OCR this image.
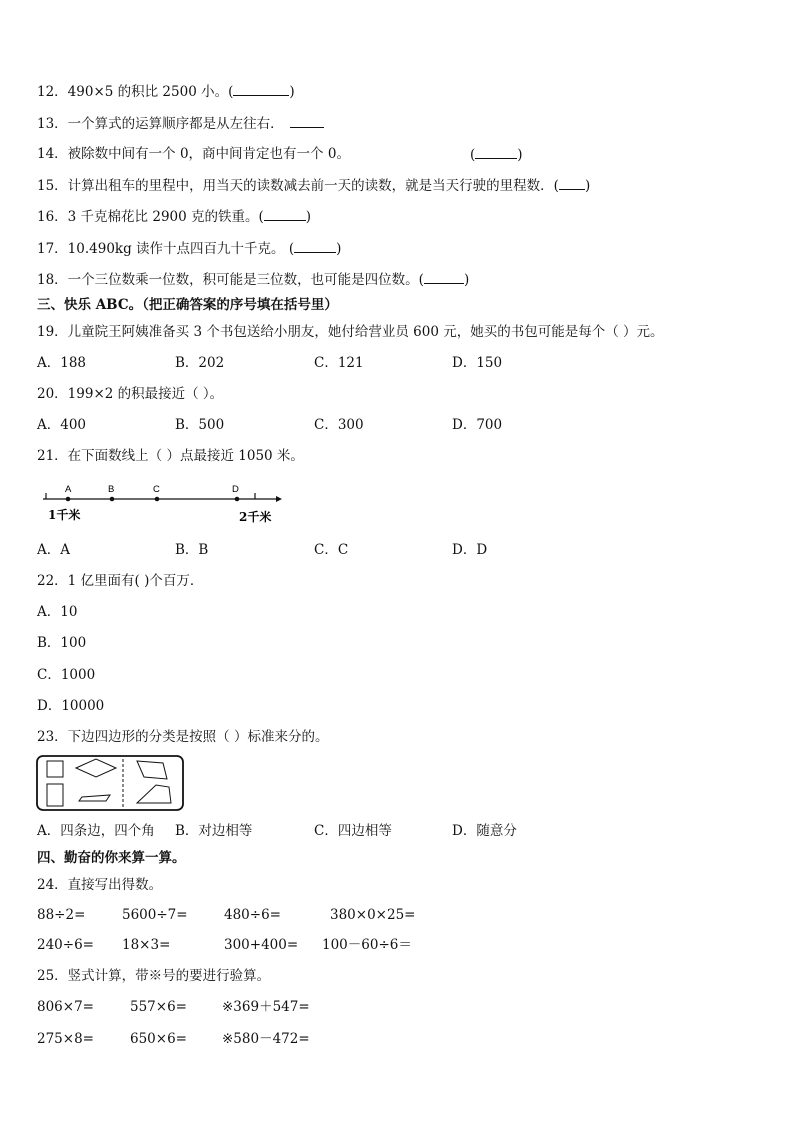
12．490×5 的积比 2500 小。(	)
13．一个算式的运算顺序都是从左往右．
14．被除数中间有一个 0，商中间肯定也有一个 0。	(	)
15．计算出租车的里程中，用当天的读数减去前一天的读数，就是当天行驶的里程数．( )
16．3 千克棉花比 2900 克的铁重。(	)
17．10.490kg 读作十点四百九十千克。 (	)
18．一个三位数乘一位数，积可能是三位数，也可能是四位数。(	)
三、快乐 ABC。（把正确答案的序号填在括号里）
19．儿童院王阿姨准备买 3 个书包送给小朋友，她付给营业员 600 元，她买的书包可能是每个（ ）元。
A．188	B．202	C．121	D．150
20．199×2 的积最接近（ ）。
A．400	B．500	C．300	D．700
21．在下面数线上（ ）点最接近 1050 米。
A	B	C	D
1千米	2千米
A．A	B．B	C．C	D．D
22．1 亿里面有( )个百万．
A．10
B．100
C．1000
D．10000
23．下边四边形的分类是按照（ ）标准来分的。
A．四条边，四个角 B．对边相等	C．四边相等	D．随意分
四、勤奋的你来算一算。
24．直接写出得数。
88÷2=	5600÷7=	480÷6=	380×0×25=
240÷6= 18×3=	300+400= 100－60÷6＝
25．竖式计算，带※号的要进行验算。
806×7=	557×6=	※369＋547=
275×8=	650×6=	※580－472=
